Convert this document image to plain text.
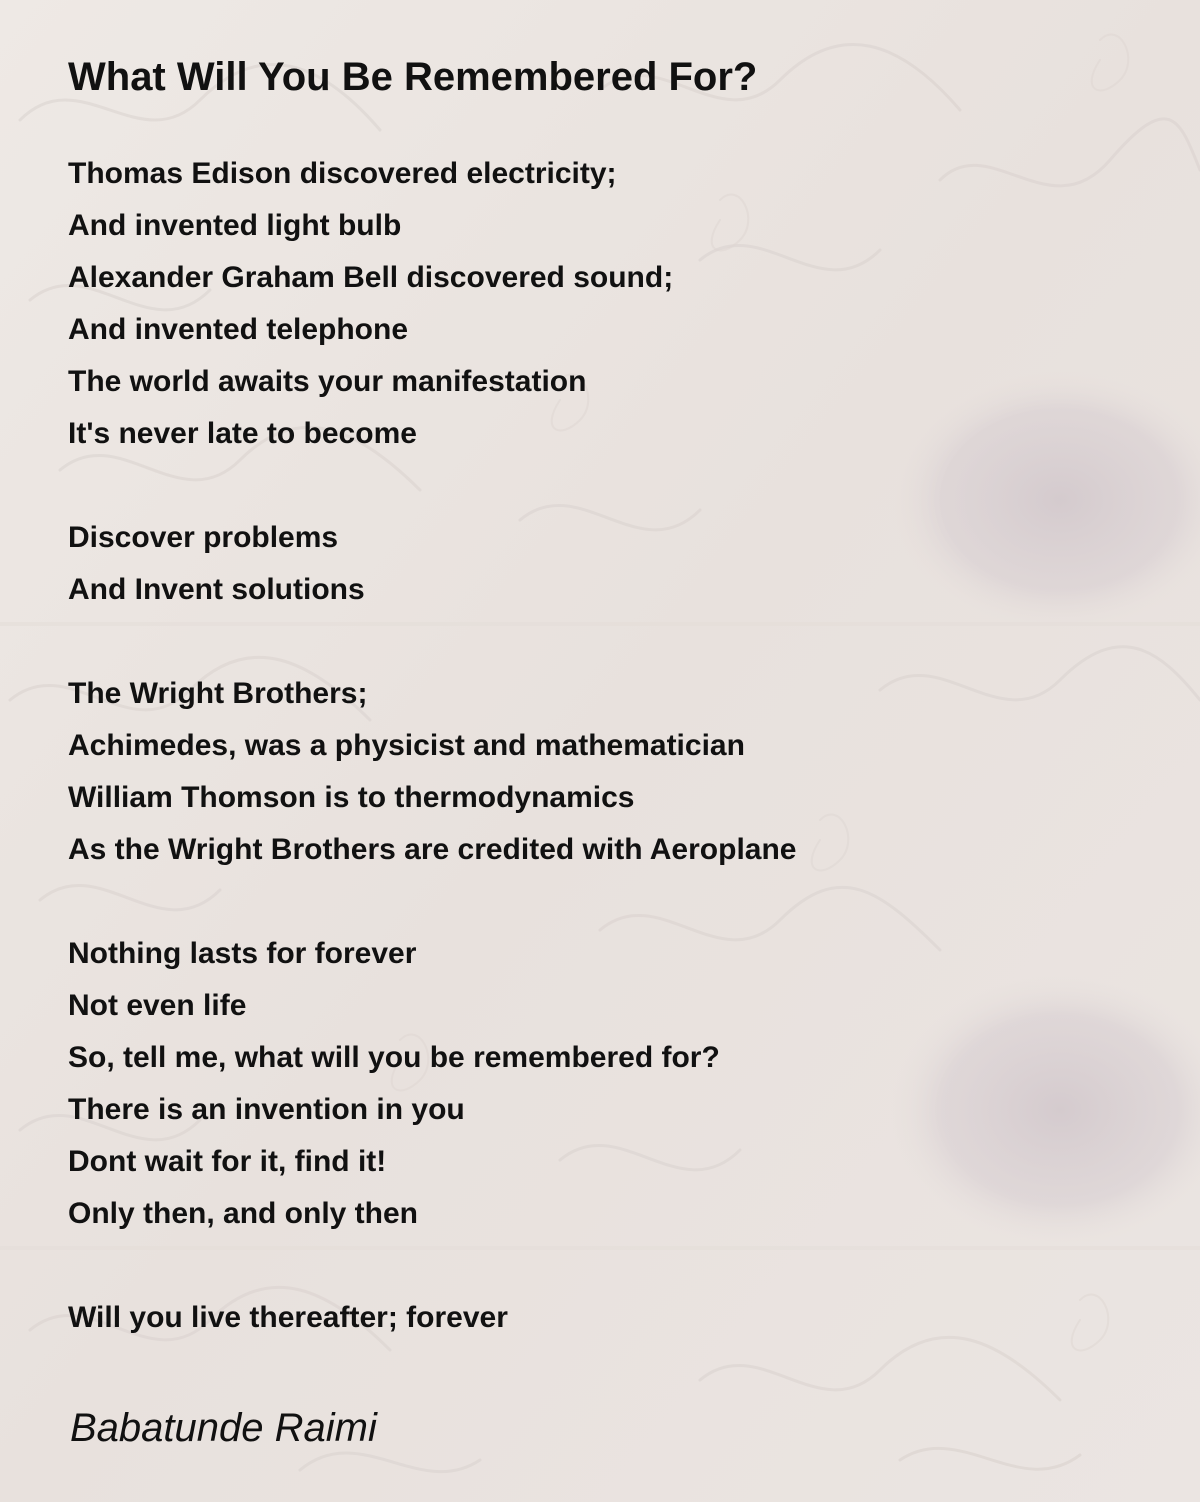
What Will You Be Remembered For?
Thomas Edison discovered electricity;
And invented light bulb
Alexander Graham Bell discovered sound;
And invented telephone
The world awaits your manifestation
It's never late to become
Discover problems
And Invent solutions
The Wright Brothers;
Achimedes, was a physicist and mathematician
William Thomson is to thermodynamics
As the Wright Brothers are credited with Aeroplane
Nothing lasts for forever
Not even life
So, tell me, what will you be remembered for?
There is an invention in you
Dont wait for it, find it!
Only then, and only then
Will you live thereafter; forever
Babatunde Raimi
